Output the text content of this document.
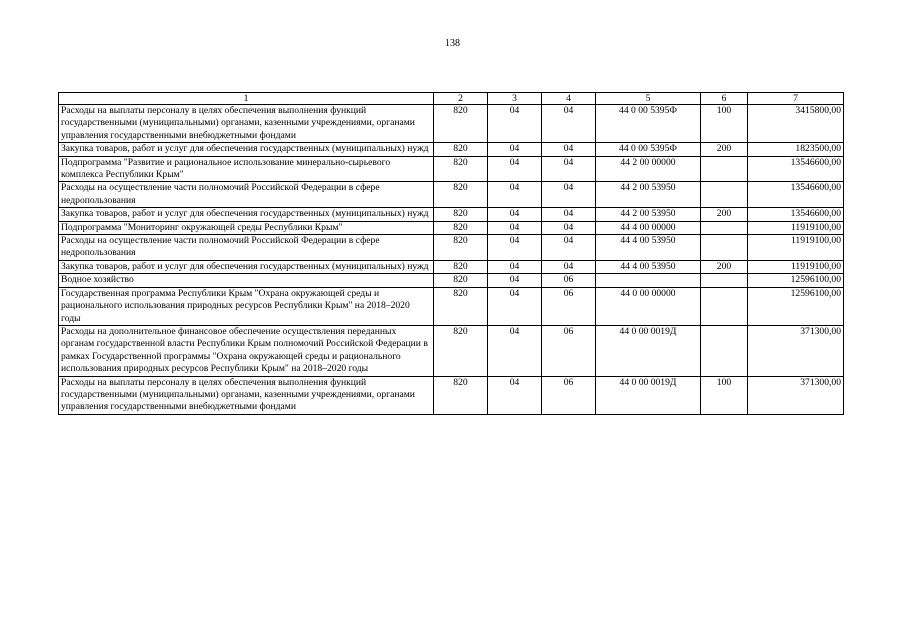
138
1	2	3	4	5	6	7
Расходы на выплаты персоналу в целях обеспечения выполнения функций государственными (муниципальными) органами, казенными учреждениями, органами управления государственными внебюджетными фондами	820	04	04	44 0 00 5395Ф	100	3415800,00
Закупка товаров, работ и услуг для обеспечения государственных (муниципальных) нужд	820	04	04	44 0 00 5395Ф	200	1823500,00
Подпрограмма "Развитие и рациональное использование минерально-сырьевого комплекса Республики Крым"	820	04	04	44 2 00 00000		13546600,00
Расходы на осуществление части полномочий Российской Федерации в сфере недропользования	820	04	04	44 2 00 53950		13546600,00
Закупка товаров, работ и услуг для обеспечения государственных (муниципальных) нужд	820	04	04	44 2 00 53950	200	13546600,00
Подпрограмма "Мониторинг окружающей среды Республики Крым"	820	04	04	44 4 00 00000		11919100,00
Расходы на осуществление части полномочий Российской Федерации в сфере недропользования	820	04	04	44 4 00 53950		11919100,00
Закупка товаров, работ и услуг для обеспечения государственных (муниципальных) нужд	820	04	04	44 4 00 53950	200	11919100,00
Водное хозяйство	820	04	06			12596100,00
Государственная программа Республики Крым "Охрана окружающей среды и рационального использования природных ресурсов Республики Крым" на 2018–2020 годы	820	04	06	44 0 00 00000		12596100,00
Расходы на дополнительное финансовое обеспечение осуществления переданных органам государственной власти Республики Крым полномочий Российской Федерации в рамках Государственной программы "Охрана окружающей среды и рационального использования природных ресурсов Республики Крым" на 2018–2020 годы	820	04	06	44 0 00 0019Д		371300,00
Расходы на выплаты персоналу в целях обеспечения выполнения функций государственными (муниципальными) органами, казенными учреждениями, органами управления государственными внебюджетными фондами	820	04	06	44 0 00 0019Д	100	371300,00
